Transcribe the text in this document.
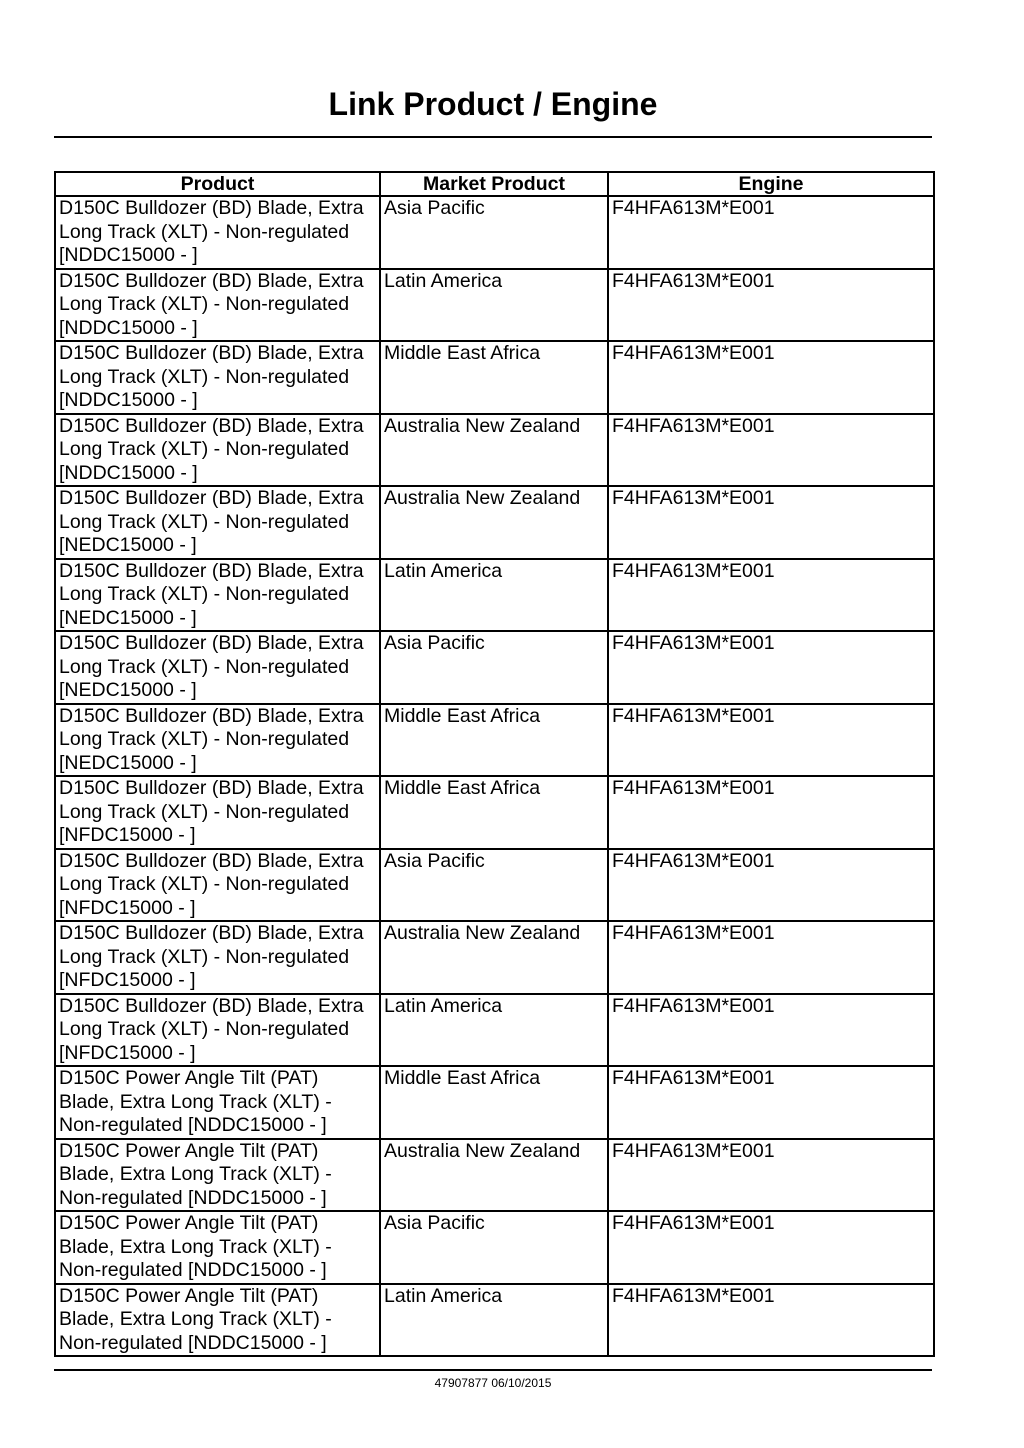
Link Product / Engine
Product	Market Product	Engine
D150C Bulldozer (BD) Blade, Extra Long Track (XLT) - Non-regulated [NDDC15000 - ]	Asia Pacific	F4HFA613M*E001
D150C Bulldozer (BD) Blade, Extra Long Track (XLT) - Non-regulated [NDDC15000 - ]	Latin America	F4HFA613M*E001
D150C Bulldozer (BD) Blade, Extra Long Track (XLT) - Non-regulated [NDDC15000 - ]	Middle East Africa	F4HFA613M*E001
D150C Bulldozer (BD) Blade, Extra Long Track (XLT) - Non-regulated [NDDC15000 - ]	Australia New Zealand	F4HFA613M*E001
D150C Bulldozer (BD) Blade, Extra Long Track (XLT) - Non-regulated [NEDC15000 - ]	Australia New Zealand	F4HFA613M*E001
D150C Bulldozer (BD) Blade, Extra Long Track (XLT) - Non-regulated [NEDC15000 - ]	Latin America	F4HFA613M*E001
D150C Bulldozer (BD) Blade, Extra Long Track (XLT) - Non-regulated [NEDC15000 - ]	Asia Pacific	F4HFA613M*E001
D150C Bulldozer (BD) Blade, Extra Long Track (XLT) - Non-regulated [NEDC15000 - ]	Middle East Africa	F4HFA613M*E001
D150C Bulldozer (BD) Blade, Extra Long Track (XLT) - Non-regulated [NFDC15000 - ]	Middle East Africa	F4HFA613M*E001
D150C Bulldozer (BD) Blade, Extra Long Track (XLT) - Non-regulated [NFDC15000 - ]	Asia Pacific	F4HFA613M*E001
D150C Bulldozer (BD) Blade, Extra Long Track (XLT) - Non-regulated [NFDC15000 - ]	Australia New Zealand	F4HFA613M*E001
D150C Bulldozer (BD) Blade, Extra Long Track (XLT) - Non-regulated [NFDC15000 - ]	Latin America	F4HFA613M*E001
D150C Power Angle Tilt (PAT) Blade, Extra Long Track (XLT) - Non-regulated [NDDC15000 - ]	Middle East Africa	F4HFA613M*E001
D150C Power Angle Tilt (PAT) Blade, Extra Long Track (XLT) - Non-regulated [NDDC15000 - ]	Australia New Zealand	F4HFA613M*E001
D150C Power Angle Tilt (PAT) Blade, Extra Long Track (XLT) - Non-regulated [NDDC15000 - ]	Asia Pacific	F4HFA613M*E001
D150C Power Angle Tilt (PAT) Blade, Extra Long Track (XLT) - Non-regulated [NDDC15000 - ]	Latin America	F4HFA613M*E001
47907877 06/10/2015
